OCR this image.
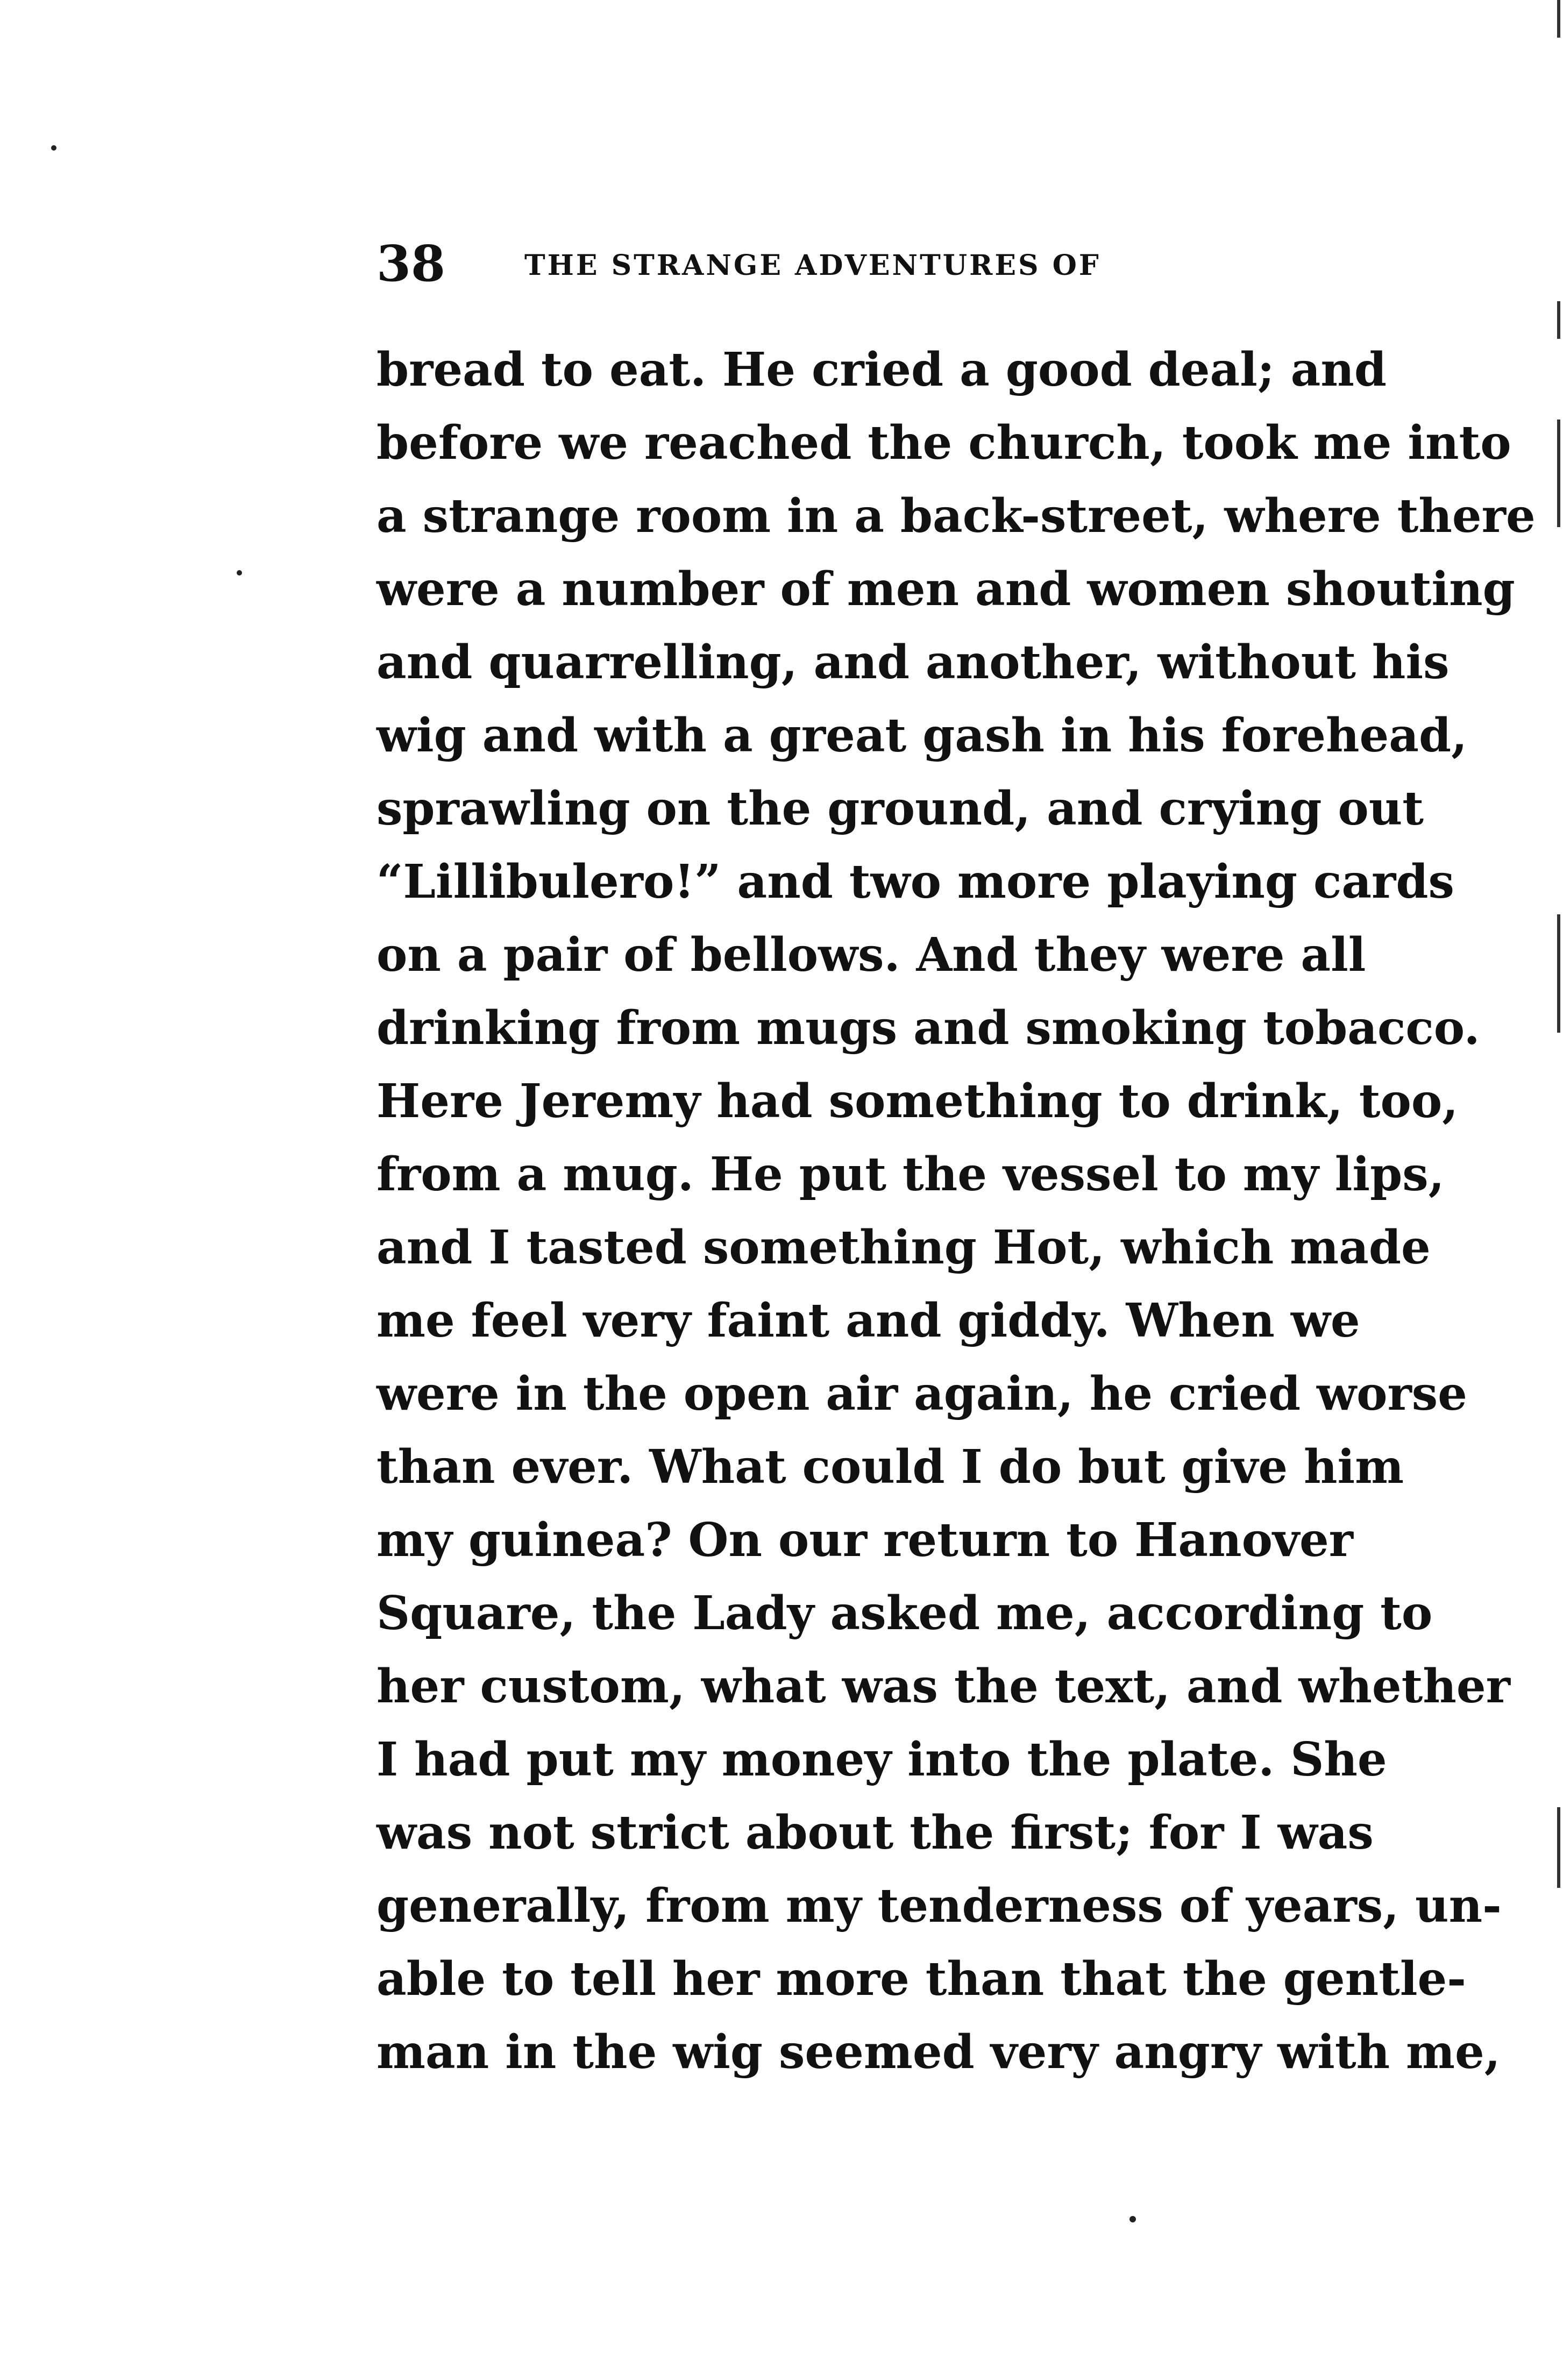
38	THE STRANGE ADVENTURES OF
bread to eat. He cried a good deal; and
before we reached the church, took me into
a strange room in a back-street, where there
were a number of men and women shouting
and quarrelling, and another, without his
wig and with a great gash in his forehead,
sprawling on the ground, and crying out
“Lillibulero!” and two more playing cards
on a pair of bellows. And they were all
drinking from mugs and smoking tobacco.
Here Jeremy had something to drink, too,
from a mug. He put the vessel to my lips,
and I tasted something Hot, which made
me feel very faint and giddy. When we
were in the open air again, he cried worse
than ever. What could I do but give him
my guinea? On our return to Hanover
Square, the Lady asked me, according to
her custom, what was the text, and whether
I had put my money into the plate. She
was not strict about the first; for I was
generally, from my tenderness of years, un-
able to tell her more than that the gentle-
man in the wig seemed very angry with me,
